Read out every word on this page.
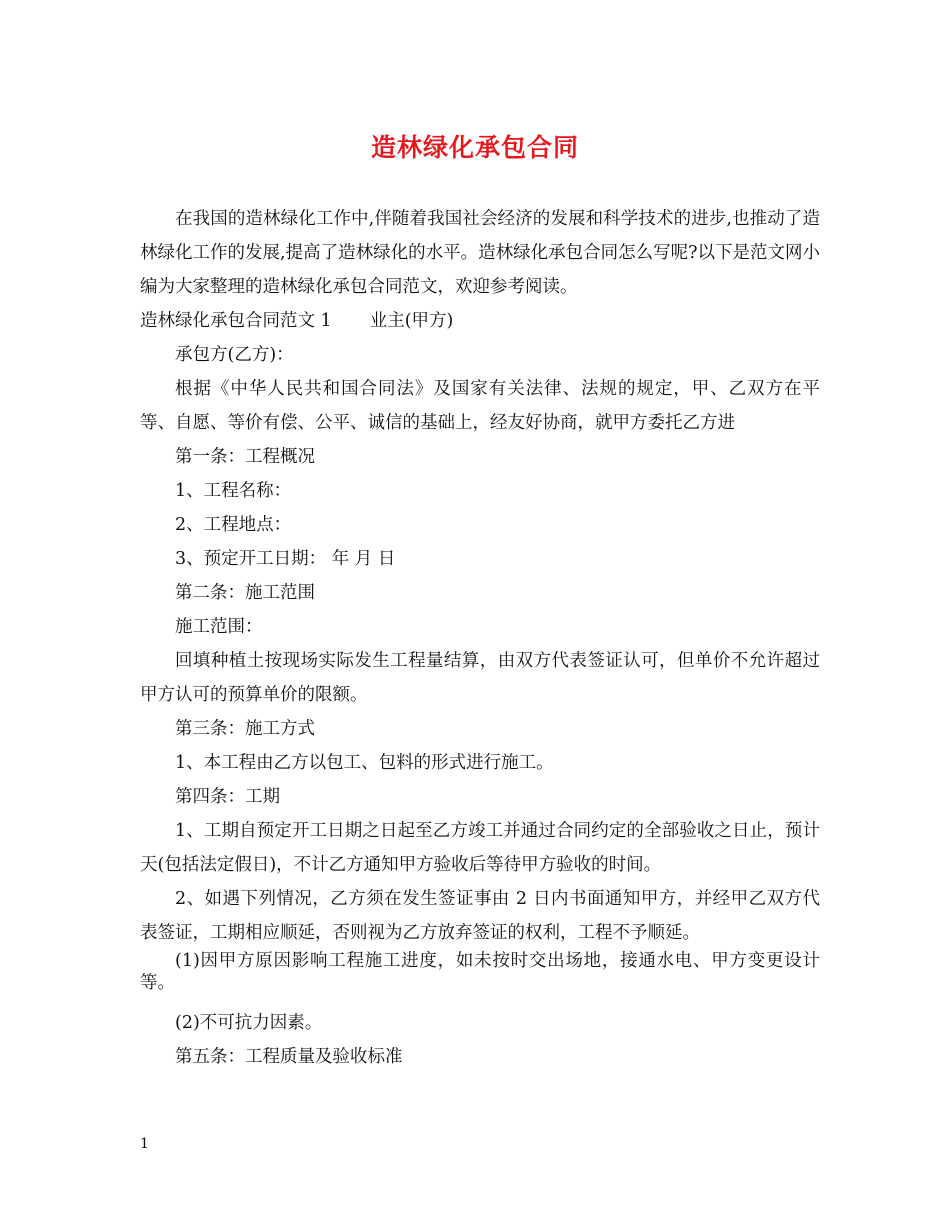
造林绿化承包合同

在我国的造林绿化工作中,伴随着我国社会经济的发展和科学技术的进步,也推动了造林绿化工作的发展,提高了造林绿化的水平。造林绿化承包合同怎么写呢?以下是范文网小编为大家整理的造林绿化承包合同范文，欢迎参考阅读。

造林绿化承包合同范文 1 业主(甲方)

承包方(乙方)：

根据《中华人民共和国合同法》及国家有关法律、法规的规定，甲、乙双方在平等、自愿、等价有偿、公平、诚信的基础上，经友好协商，就甲方委托乙方进

第一条：工程概况

1、工程名称：

2、工程地点：

3、预定开工日期： 年 月 日

第二条：施工范围

施工范围：

回填种植土按现场实际发生工程量结算，由双方代表签证认可，但单价不允许超过甲方认可的预算单价的限额。

第三条：施工方式

1、本工程由乙方以包工、包料的形式进行施工。

第四条：工期

1、工期自预定开工日期之日起至乙方竣工并通过合同约定的全部验收之日止，预计 天(包括法定假日)，不计乙方通知甲方验收后等待甲方验收的时间。

2、如遇下列情况，乙方须在发生签证事由 2 日内书面通知甲方，并经甲乙双方代表签证，工期相应顺延，否则视为乙方放弃签证的权利，工程不予顺延。

(1)因甲方原因影响工程施工进度，如未按时交出场地，接通水电、甲方变更设计等。

(2)不可抗力因素。

第五条：工程质量及验收标准

1
